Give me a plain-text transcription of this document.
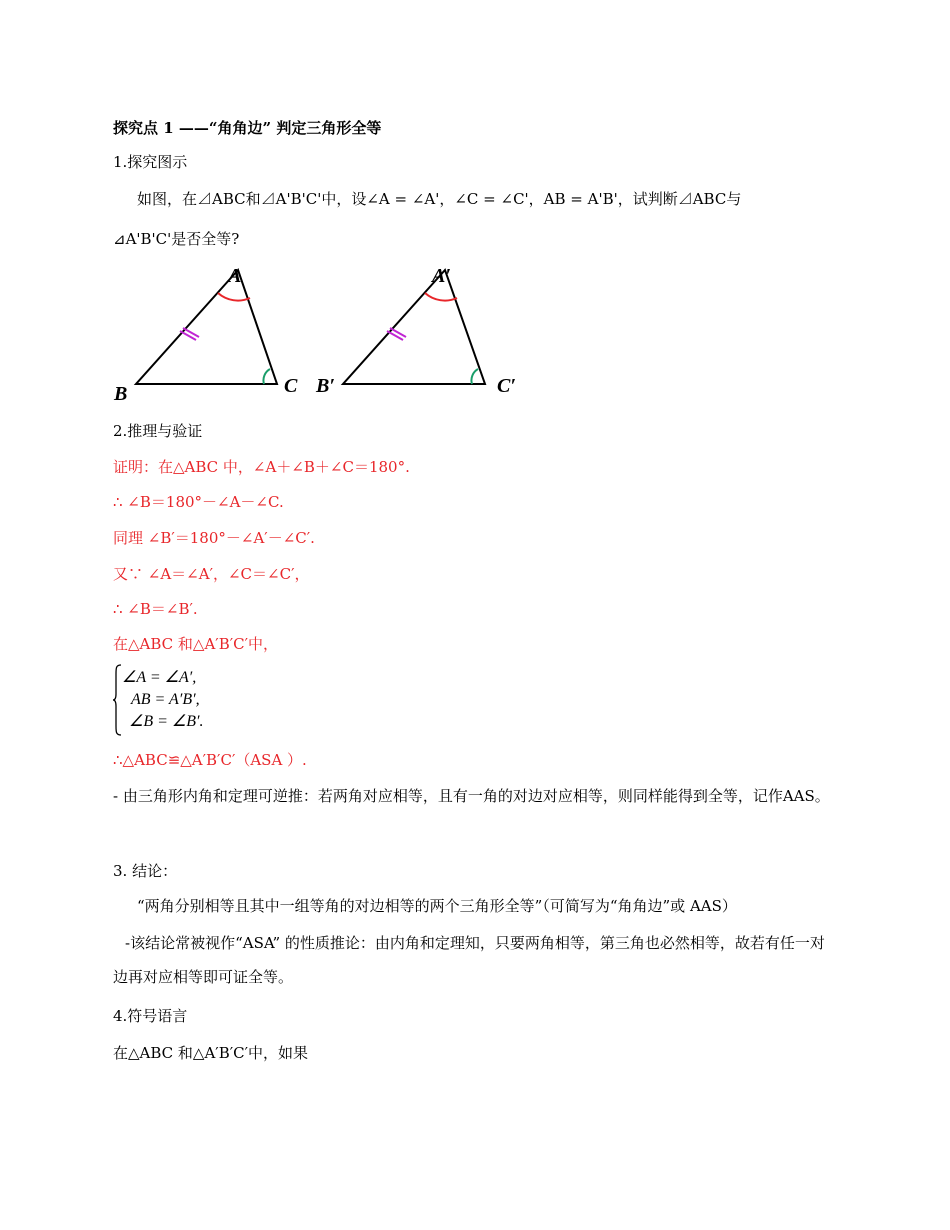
探究点 1 ——“角角边” 判定三角形全等
1.探究图示
如图，在⊿ABC和⊿A'B'C'中，设∠A = ∠A'，∠C = ∠C'，AB = A'B'，试判断⊿ABC与
⊿A'B'C'是否全等?
A
B	C
A′
B′	C′
2.推理与验证
证明：在△ABC 中，∠A＋∠B＋∠C＝180°.
∴ ∠B＝180°－∠A－∠C.
同理 ∠B′＝180°－∠A′－∠C′.
又∵ ∠A＝∠A′，∠C＝∠C′，
∴ ∠B＝∠B′.
在△ABC 和△A′B′C′中，
∠A = ∠A′,
AB = A′B′,
∠B = ∠B′.
∴△ABC≌△A′B′C′（ASA ）.
- 由三角形内角和定理可逆推：若两角对应相等，且有一角的对边对应相等，则同样能得到全等，记作AAS。
3. 结论：
“两角分别相等且其中一组等角的对边相等的两个三角形全等”（可简写为“角角边”或 AAS）
-该结论常被视作“ASA” 的性质推论：由内角和定理知，只要两角相等，第三角也必然相等，故若有任一对边再对应相等即可证全等。
4.符号语言
在△ABC 和△A′B′C′中，如果
